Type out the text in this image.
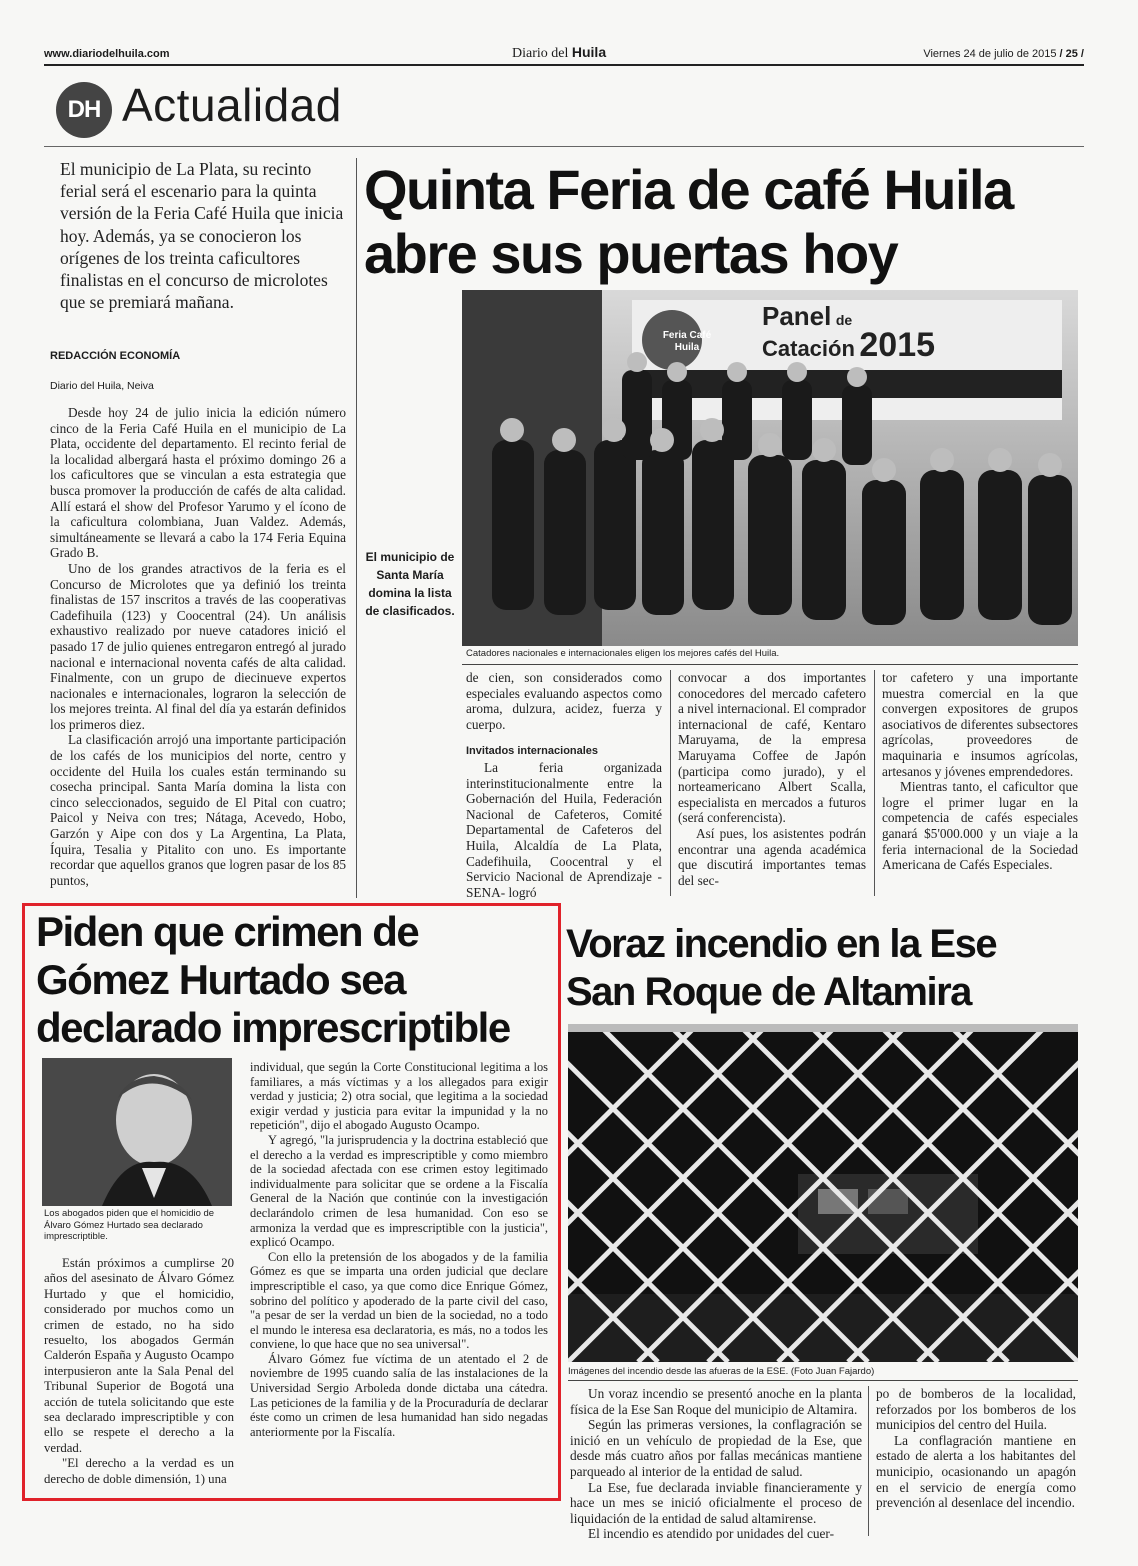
www.diariodelhuila.com	Diario del Huila	Viernes 24 de julio de 2015 / 25 /
DH Actualidad
El municipio de La Plata, su recinto ferial será el escenario para la quinta versión de la Feria Café Huila que inicia hoy. Además, ya se conocieron los orígenes de los treinta caficultores finalistas en el concurso de microlotes que se premiará mañana.
Quinta Feria de café Huila
abre sus puertas hoy
REDACCIÓN ECONOMÍA
Diario del Huila, Neiva

Desde hoy 24 de julio inicia la edición número cinco de la Feria Café Huila en el municipio de La Plata, occidente del departamento. El recinto ferial de la localidad albergará hasta el próximo domingo 26 a los caficultores que se vinculan a esta estrategia que busca promover la producción de cafés de alta calidad. Allí estará el show del Profesor Yarumo y el ícono de la caficultura colombiana, Juan Valdez. Además, simultáneamente se llevará a cabo la 174 Feria Equina Grado B.

Uno de los grandes atractivos de la feria es el Concurso de Microlotes que ya definió los treinta finalistas de 157 inscritos a través de las cooperativas Cadefihuila (123) y Coocentral (24). Un análisis exhaustivo realizado por nueve catadores inició el pasado 17 de julio quienes entregaron entregó al jurado nacional e internacional noventa cafés de alta calidad. Finalmente, con un grupo de diecinueve expertos nacionales e internacionales, lograron la selección de los mejores treinta. Al final del día ya estarán definidos los primeros diez.

La clasificación arrojó una importante participación de los cafés de los municipios del norte, centro y occidente del Huila los cuales están terminando su cosecha principal. Santa María domina la lista con cinco seleccionados, seguido de El Pital con cuatro; Paicol y Neiva con tres; Nátaga, Acevedo, Hobo, Garzón y Aipe con dos y La Argentina, La Plata, Íquira, Tesalia y Pitalito con uno. Es importante recordar que aquellos granos que logren pasar de los 85 puntos,

El municipio de Santa María domina la lista de clasificados.
Panel de
Catación 2015
Feria Café Huila
Catadores nacionales e internacionales eligen los mejores cafés del Huila.

de cien, son considerados como especiales evaluando aspectos como aroma, dulzura, acidez, fuerza y cuerpo.

Invitados internacionales

La feria organizada interinstitucionalmente entre la Gobernación del Huila, Federación Nacional de Cafeteros, Comité Departamental de Cafeteros del Huila, Alcaldía de La Plata, Cadefihuila, Coocentral y el Servicio Nacional de Aprendizaje -SENA- logró

convocar a dos importantes conocedores del mercado cafetero a nivel internacional. El comprador internacional de café, Kentaro Maruyama, de la empresa Maruyama Coffee de Japón (participa como jurado), y el norteamericano Albert Scalla, especialista en mercados a futuros (será conferencista).

Así pues, los asistentes podrán encontrar una agenda académica que discutirá importantes temas del sec-

tor cafetero y una importante muestra comercial en la que convergen expositores de grupos asociativos de diferentes subsectores agrícolas, proveedores de maquinaria e insumos agrícolas, artesanos y jóvenes emprendedores.

Mientras tanto, el caficultor que logre el primer lugar en la competencia de cafés especiales ganará $5'000.000 y un viaje a la feria internacional de la Sociedad Americana de Cafés Especiales.

Piden que crimen de
Gómez Hurtado sea
declarado imprescriptible
Los abogados piden que el homicidio de Álvaro Gómez Hurtado sea declarado imprescriptible.

Están próximos a cumplirse 20 años del asesinato de Álvaro Gómez Hurtado y que el homicidio, considerado por muchos como un crimen de estado, no ha sido resuelto, los abogados Germán Calderón España y Augusto Ocampo interpusieron ante la Sala Penal del Tribunal Superior de Bogotá una acción de tutela solicitando que este sea declarado imprescriptible y con ello se respete el derecho a la verdad.

"El derecho a la verdad es un derecho de doble dimensión, 1) una

individual, que según la Corte Constitucional legitima a los familiares, a más víctimas y a los allegados para exigir verdad y justicia; 2) otra social, que legitima a la sociedad exigir verdad y justicia para evitar la impunidad y la no repetición", dijo el abogado Augusto Ocampo.

Y agregó, "la jurisprudencia y la doctrina estableció que el derecho a la verdad es imprescriptible y como miembro de la sociedad afectada con ese crimen estoy legitimado individualmente para solicitar que se ordene a la Fiscalía General de la Nación que continúe con la investigación declarándolo crimen de lesa humanidad. Con eso se armoniza la verdad que es imprescriptible con la justicia", explicó Ocampo.

Con ello la pretensión de los abogados y de la familia Gómez es que se imparta una orden judicial que declare imprescriptible el caso, ya que como dice Enrique Gómez, sobrino del político y apoderado de la parte civil del caso, "a pesar de ser la verdad un bien de la sociedad, no a todo el mundo le interesa esa declaratoria, es más, no a todos les conviene, lo que hace que no sea universal".

Álvaro Gómez fue víctima de un atentado el 2 de noviembre de 1995 cuando salía de las instalaciones de la Universidad Sergio Arboleda donde dictaba una cátedra. Las peticiones de la familia y de la Procuraduría de declarar éste como un crimen de lesa humanidad han sido negadas anteriormente por la Fiscalía.

Voraz incendio en la Ese
San Roque de Altamira
Imágenes del incendio desde las afueras de la ESE. (Foto Juan Fajardo)

Un voraz incendio se presentó anoche en la planta física de la Ese San Roque del municipio de Altamira.

Según las primeras versiones, la conflagración se inició en un vehículo de propiedad de la Ese, que desde más cuatro años por fallas mecánicas mantiene parqueado al interior de la entidad de salud.

La Ese, fue declarada inviable financieramente y hace un mes se inició oficialmente el proceso de liquidación de la entidad de salud altamirense.

El incendio es atendido por unidades del cuer-

po de bomberos de la localidad, reforzados por los bomberos de los municipios del centro del Huila.

La conflagración mantiene en estado de alerta a los habitantes del municipio, ocasionando un apagón en el servicio de energía como prevención al desenlace del incendio.
